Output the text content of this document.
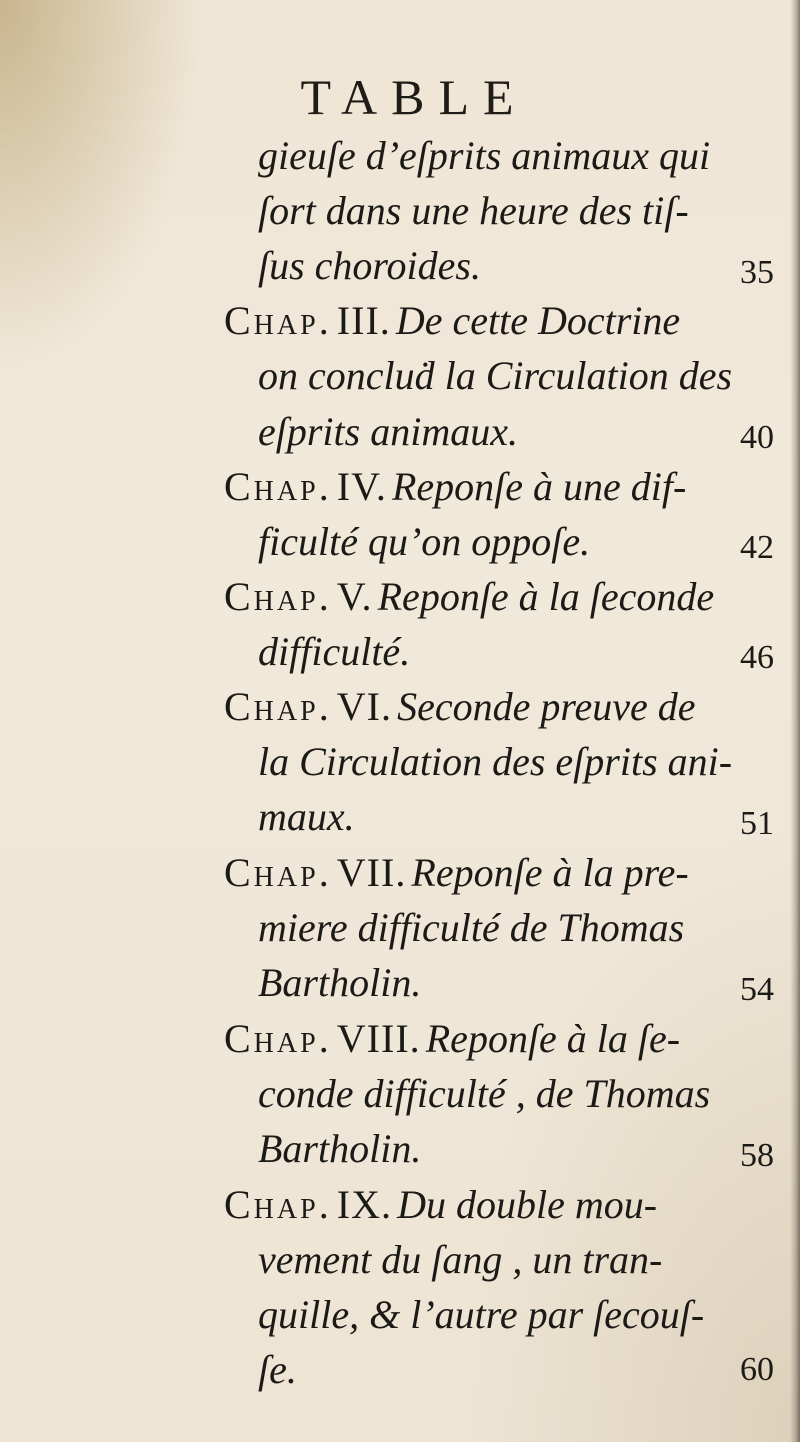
TABLE
gieuſe d’eſprits animaux qui
ſort dans une heure des tiſ-
ſus choroides.	35
Chap. III. De cette Doctrine
on concluḋ la Circulation des
eſprits animaux.	40
Chap. IV. Reponſe à une dif-
ficulté qu’on oppoſe.	42
Chap. V. Reponſe à la ſeconde
difficulté.	46
Chap. VI. Seconde preuve de
la Circulation des eſprits ani-
maux.	51
Chap. VII. Reponſe à la pre-
miere difficulté de Thomas
Bartholin.	54
Chap. VIII. Reponſe à la ſe-
conde difficulté , de Thomas
Bartholin.	58
Chap. IX. Du double mou-
vement du ſang , un tran-
quille, & l’autre par ſecouſ-
ſe.	60
